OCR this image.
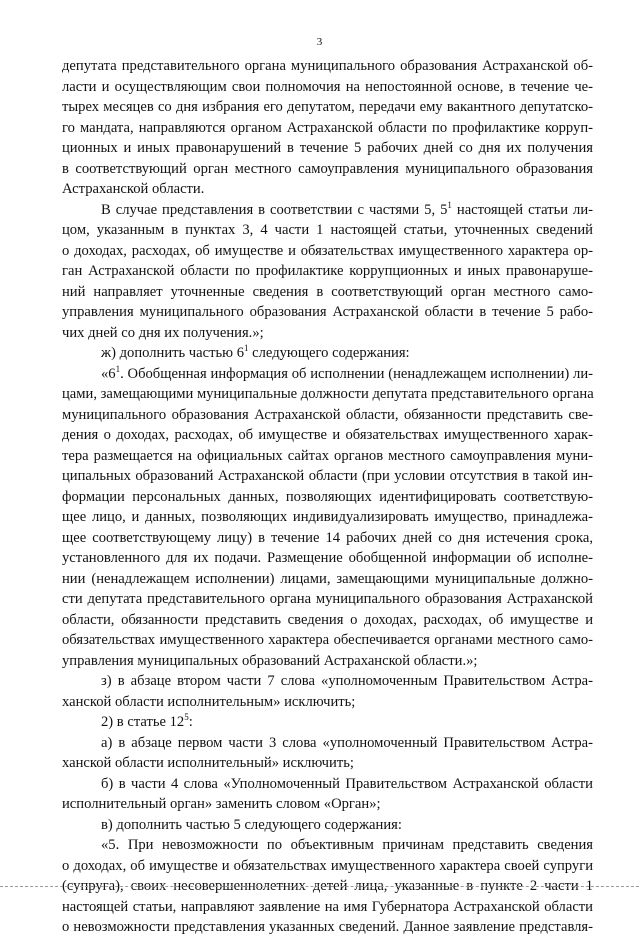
3
депутата представительного органа муниципального образования Астраханской об-
ласти и осуществляющим свои полномочия на непостоянной основе, в течение че-
тырех месяцев со дня избрания его депутатом, передачи ему вакантного депутатско-
го мандата, направляются органом Астраханской области по профилактике корруп-
ционных и иных правонарушений в течение 5 рабочих дней со дня их получения
в соответствующий орган местного самоуправления муниципального образования
Астраханской области.
В случае представления в соответствии с частями 5, $5^1$ настоящей статьи ли-
цом, указанным в пунктах 3, 4 части 1 настоящей статьи, уточненных сведений
о доходах, расходах, об имуществе и обязательствах имущественного характера ор-
ган Астраханской области по профилактике коррупционных и иных правонаруше-
ний направляет уточненные сведения в соответствующий орган местного само-
управления муниципального образования Астраханской области в течение 5 рабо-
чих дней со дня их получения.»;
ж) дополнить частью $6^1$ следующего содержания:
«$6^1$. Обобщенная информация об исполнении (ненадлежащем исполнении) ли-
цами, замещающими муниципальные должности депутата представительного органа
муниципального образования Астраханской области, обязанности представить све-
дения о доходах, расходах, об имуществе и обязательствах имущественного харак-
тера размещается на официальных сайтах органов местного самоуправления муни-
ципальных образований Астраханской области (при условии отсутствия в такой ин-
формации персональных данных, позволяющих идентифицировать соответствую-
щее лицо, и данных, позволяющих индивидуализировать имущество, принадлежа-
щее соответствующему лицу) в течение 14 рабочих дней со дня истечения срока,
установленного для их подачи. Размещение обобщенной информации об исполне-
нии (ненадлежащем исполнении) лицами, замещающими муниципальные должно-
сти депутата представительного органа муниципального образования Астраханской
области, обязанности представить сведения о доходах, расходах, об имуществе и
обязательствах имущественного характера обеспечивается органами местного само-
управления муниципальных образований Астраханской области.»;
з) в абзаце втором части 7 слова «уполномоченным Правительством Астра-
ханской области исполнительным» исключить;
2) в статье $12^5$:
а) в абзаце первом части 3 слова «уполномоченный Правительством Астра-
ханской области исполнительный» исключить;
б) в части 4 слова «Уполномоченный Правительством Астраханской области
исполнительный орган» заменить словом «Орган»;
в) дополнить частью 5 следующего содержания:
«5. При невозможности по объективным причинам представить сведения
о доходах, об имуществе и обязательствах имущественного характера своей супруги
(супруга), своих несовершеннолетних детей лица, указанные в пункте 2 части 1
настоящей статьи, направляют заявление на имя Губернатора Астраханской области
о невозможности представления указанных сведений. Данное заявление представля-
